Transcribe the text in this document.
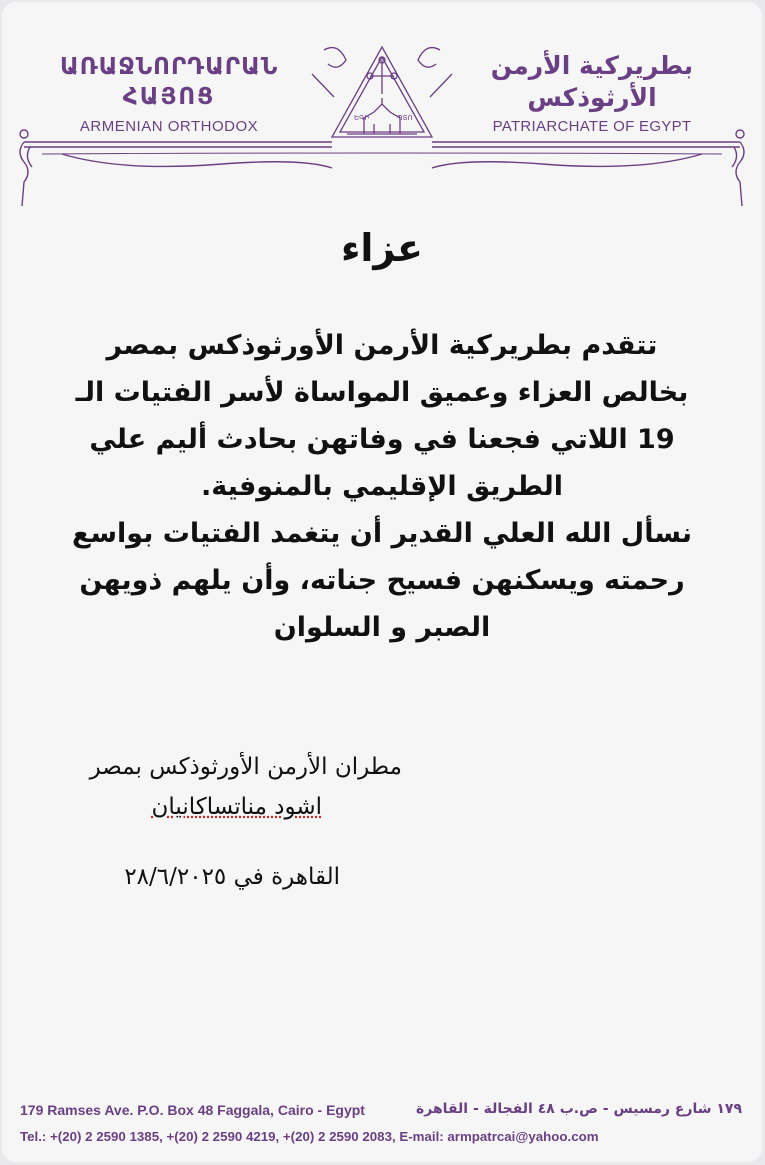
ԵԳԻ	ՊՏՈ
ԱՌԱՋՆՈՐԴԱՐԱՆ
ՀԱՅՈՑ
ARMENIAN ORTHODOX
بطريركية الأرمن
الأرثوذكس
PATRIARCHATE OF EGYPT
عزاء

تتقدم بطريركية الأرمن الأورثوذكس بمصر بخالص العزاء وعميق المواساة لأسر الفتيات الـ 19 اللاتي فجعنا في وفاتهن بحادث أليم علي الطريق الإقليمي بالمنوفية.

نسأل الله العلي القدير أن يتغمد الفتيات بواسع رحمته ويسكنهن فسيح جناته، وأن يلهم ذويهن الصبر و السلوان

مطران الأرمن الأورثوذكس بمصر
اشود مناتساكانيان
القاهرة في ٢٨/٦/٢٠٢٥
179 Ramses Ave. P.O. Box 48 Faggala, Cairo - Egypt	١٧٩ شارع رمسيس - ص.ب ٤٨ الفجالة - القاهرة
Tel.: +(20) 2 2590 1385, +(20) 2 2590 4219, +(20) 2 2590 2083, E-mail: armpatrcai@yahoo.com
